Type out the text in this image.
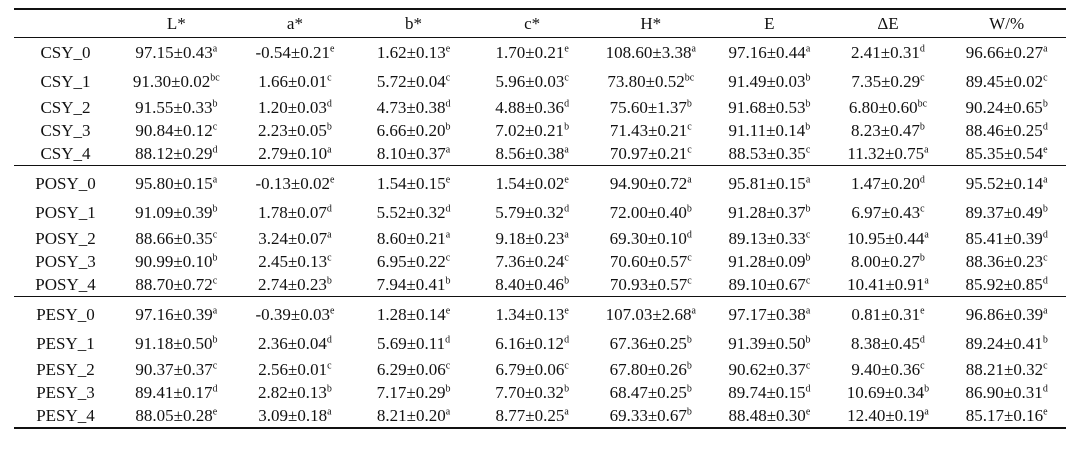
	L*	a*	b*	c*	H*	E	ΔE	W/%
CSY_0	97.15±0.43$^a$	-0.54±0.21$^e$	1.62±0.13$^e$	1.70±0.21$^e$	108.60±3.38$^a$	97.16±0.44$^a$	2.41±0.31$^d$	96.66±0.27$^a$
CSY_1	91.30±0.02$^{bc}$	1.66±0.01$^c$	5.72±0.04$^c$	5.96±0.03$^c$	73.80±0.52$^{bc}$	91.49±0.03$^b$	7.35±0.29$^c$	89.45±0.02$^c$
CSY_2	91.55±0.33$^b$	1.20±0.03$^d$	4.73±0.38$^d$	4.88±0.36$^d$	75.60±1.37$^b$	91.68±0.53$^b$	6.80±0.60$^{bc}$	90.24±0.65$^b$
CSY_3	90.84±0.12$^c$	2.23±0.05$^b$	6.66±0.20$^b$	7.02±0.21$^b$	71.43±0.21$^c$	91.11±0.14$^b$	8.23±0.47$^b$	88.46±0.25$^d$
CSY_4	88.12±0.29$^d$	2.79±0.10$^a$	8.10±0.37$^a$	8.56±0.38$^a$	70.97±0.21$^c$	88.53±0.35$^c$	11.32±0.75$^a$	85.35±0.54$^e$
POSY_0	95.80±0.15$^a$	-0.13±0.02$^e$	1.54±0.15$^e$	1.54±0.02$^e$	94.90±0.72$^a$	95.81±0.15$^a$	1.47±0.20$^d$	95.52±0.14$^a$
POSY_1	91.09±0.39$^b$	1.78±0.07$^d$	5.52±0.32$^d$	5.79±0.32$^d$	72.00±0.40$^b$	91.28±0.37$^b$	6.97±0.43$^c$	89.37±0.49$^b$
POSY_2	88.66±0.35$^c$	3.24±0.07$^a$	8.60±0.21$^a$	9.18±0.23$^a$	69.30±0.10$^d$	89.13±0.33$^c$	10.95±0.44$^a$	85.41±0.39$^d$
POSY_3	90.99±0.10$^b$	2.45±0.13$^c$	6.95±0.22$^c$	7.36±0.24$^c$	70.60±0.57$^c$	91.28±0.09$^b$	8.00±0.27$^b$	88.36±0.23$^c$
POSY_4	88.70±0.72$^c$	2.74±0.23$^b$	7.94±0.41$^b$	8.40±0.46$^b$	70.93±0.57$^c$	89.10±0.67$^c$	10.41±0.91$^a$	85.92±0.85$^d$
PESY_0	97.16±0.39$^a$	-0.39±0.03$^e$	1.28±0.14$^e$	1.34±0.13$^e$	107.03±2.68$^a$	97.17±0.38$^a$	0.81±0.31$^e$	96.86±0.39$^a$
PESY_1	91.18±0.50$^b$	2.36±0.04$^d$	5.69±0.11$^d$	6.16±0.12$^d$	67.36±0.25$^b$	91.39±0.50$^b$	8.38±0.45$^d$	89.24±0.41$^b$
PESY_2	90.37±0.37$^c$	2.56±0.01$^c$	6.29±0.06$^c$	6.79±0.06$^c$	67.80±0.26$^b$	90.62±0.37$^c$	9.40±0.36$^c$	88.21±0.32$^c$
PESY_3	89.41±0.17$^d$	2.82±0.13$^b$	7.17±0.29$^b$	7.70±0.32$^b$	68.47±0.25$^b$	89.74±0.15$^d$	10.69±0.34$^b$	86.90±0.31$^d$
PESY_4	88.05±0.28$^e$	3.09±0.18$^a$	8.21±0.20$^a$	8.77±0.25$^a$	69.33±0.67$^b$	88.48±0.30$^e$	12.40±0.19$^a$	85.17±0.16$^e$
